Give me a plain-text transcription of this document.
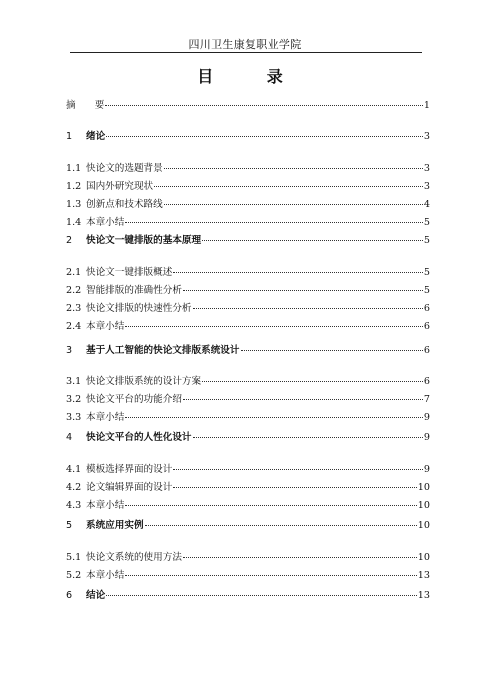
四川卫生康复职业学院
目 录
摘　　要	1
1	绪论	3
1.1 快论文的选题背景	3
1.2 国内外研究现状	3
1.3 创新点和技术路线	4
1.4 本章小结	5
2	快论文一键排版的基本原理	5
2.1 快论文一键排版概述	5
2.2 智能排版的准确性分析	5
2.3 快论文排版的快速性分析	6
2.4 本章小结	6
3	基于人工智能的快论文排版系统设计	6
3.1 快论文排版系统的设计方案	6
3.2 快论文平台的功能介绍	7
3.3 本章小结	9
4	快论文平台的人性化设计	9
4.1 模板选择界面的设计	9
4.2 论文编辑界面的设计	10
4.3 本章小结	10
5	系统应用实例	10
5.1 快论文系统的使用方法	10
5.2 本章小结	13
6	结论	13
